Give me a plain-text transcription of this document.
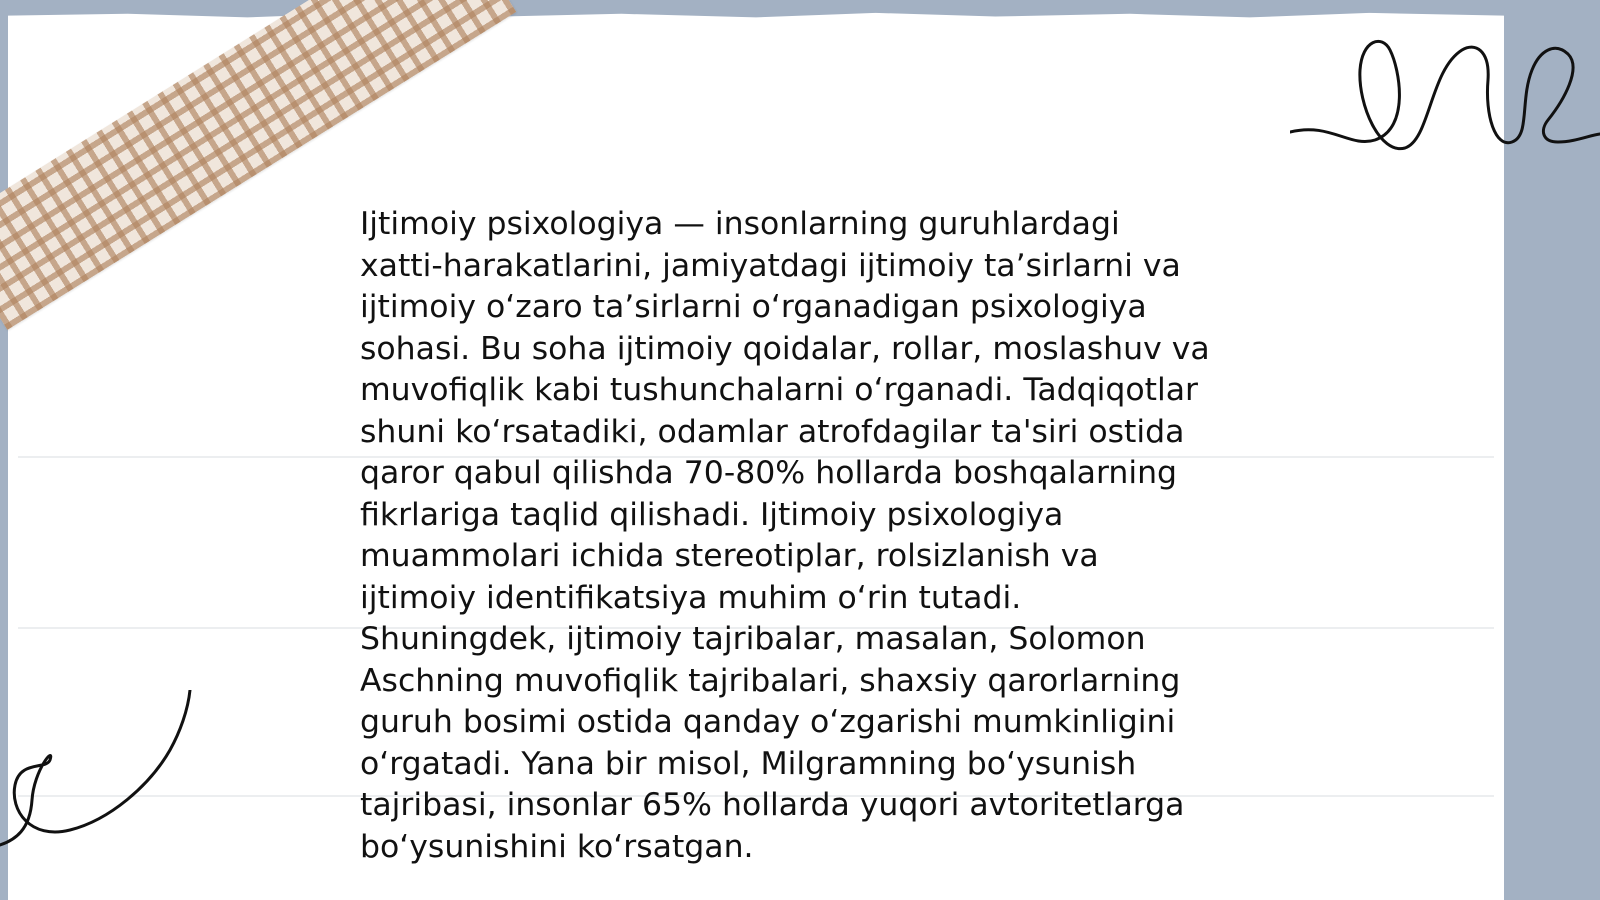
Ijtimoiy psixologiya — insonlarning guruhlardagi
xatti-harakatlarini, jamiyatdagi ijtimoiy ta’sirlarni va
ijtimoiy o‘zaro ta’sirlarni o‘rganadigan psixologiya
sohasi. Bu soha ijtimoiy qoidalar, rollar, moslashuv va
muvofiqlik kabi tushunchalarni o‘rganadi. Tadqiqotlar
shuni ko‘rsatadiki, odamlar atrofdagilar ta'siri ostida
qaror qabul qilishda 70-80% hollarda boshqalarning
fikrlariga taqlid qilishadi. Ijtimoiy psixologiya
muammolari ichida stereotiplar, rolsizlanish va
ijtimoiy identifikatsiya muhim o‘rin tutadi.
Shuningdek, ijtimoiy tajribalar, masalan, Solomon
Aschning muvofiqlik tajribalari, shaxsiy qarorlarning
guruh bosimi ostida qanday o‘zgarishi mumkinligini
o‘rgatadi. Yana bir misol, Milgramning bo‘ysunish
tajribasi, insonlar 65% hollarda yuqori avtoritetlarga
bo‘ysunishini ko‘rsatgan.
